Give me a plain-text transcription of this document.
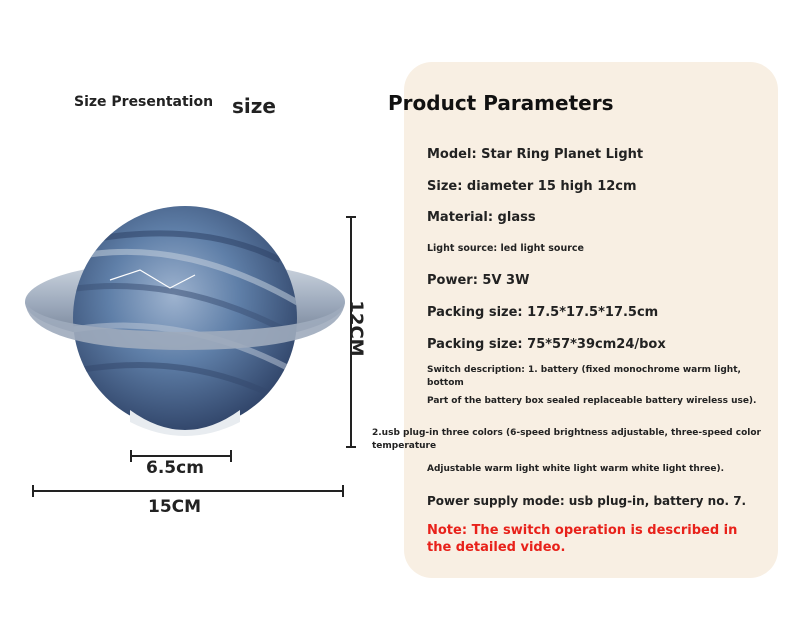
Size Presentation size
12CM
6.5cm
15CM
Product Parameters
Model: Star Ring Planet Light
Size: diameter 15 high 12cm
Material: glass
Light source: led light source
Power: 5V 3W
Packing size: 17.5*17.5*17.5cm
Packing size: 75*57*39cm24/box
Switch description: 1. battery (fixed monochrome warm light, bottom
Part of the battery box sealed replaceable battery wireless use).
2.usb plug-in three colors (6-speed brightness adjustable, three-speed color temperature
Adjustable warm light white light warm white light three).
Power supply mode: usb plug-in, battery no. 7.
Note: The switch operation is described in the detailed video.
